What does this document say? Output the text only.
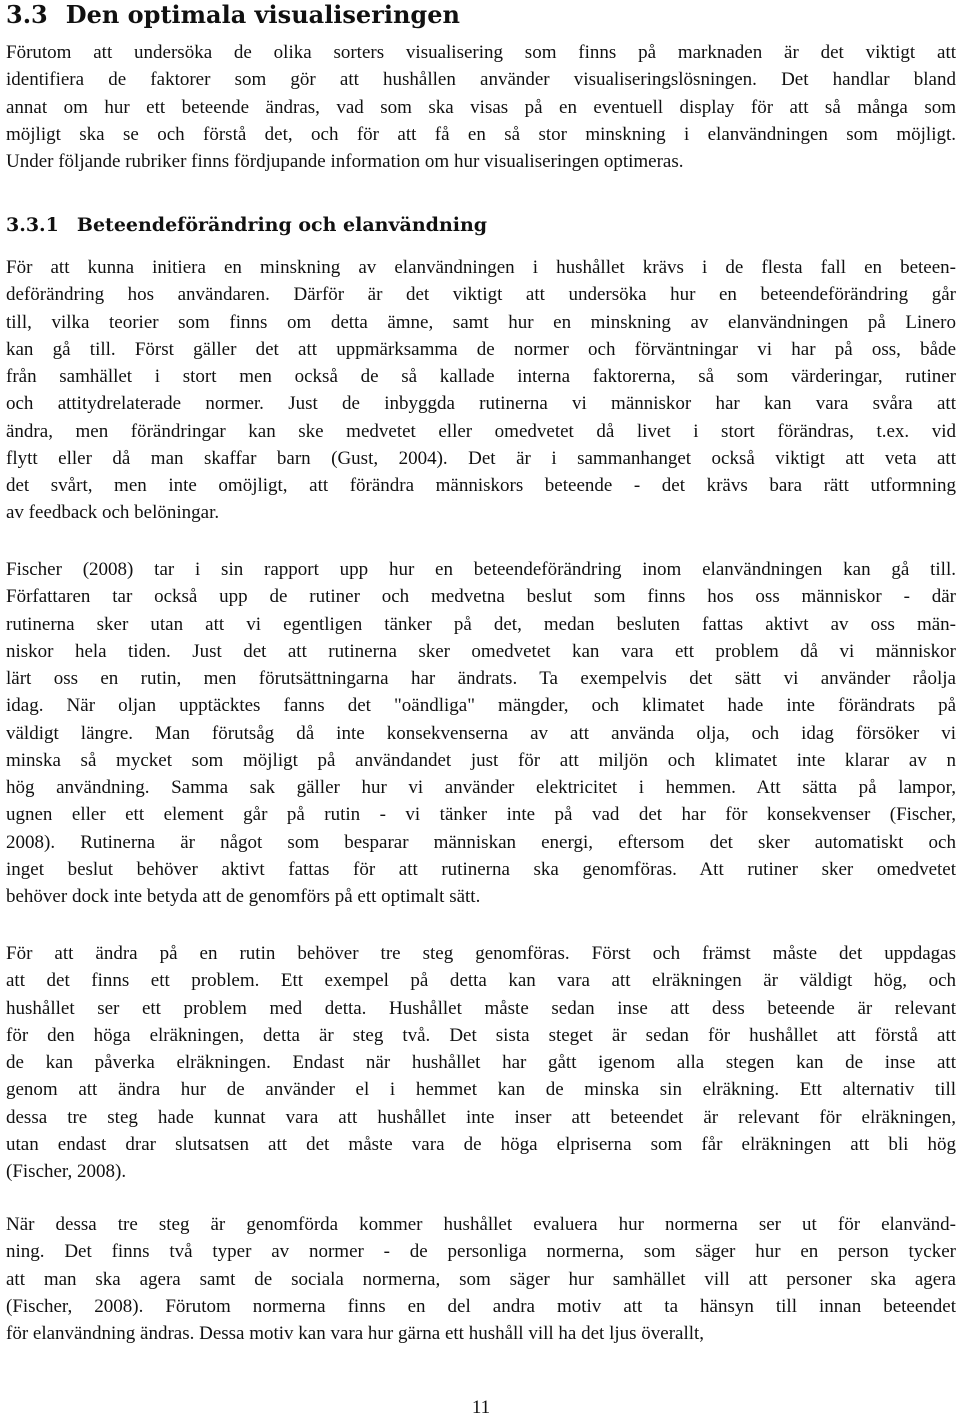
3.3 Den optimala visualiseringen
Förutom att undersöka de olika sorters visualisering som finns på marknaden är det viktigt att
identifiera de faktorer som gör att hushållen använder visualiseringslösningen. Det handlar bland
annat om hur ett beteende ändras, vad som ska visas på en eventuell display för att så många som
möjligt ska se och förstå det, och för att få en så stor minskning i elanvändningen som möjligt.
Under följande rubriker finns fördjupande information om hur visualiseringen optimeras.
3.3.1 Beteendeförändring och elanvändning
För att kunna initiera en minskning av elanvändningen i hushållet krävs i de flesta fall en beteen-
deförändring hos användaren. Därför är det viktigt att undersöka hur en beteendeförändring går
till, vilka teorier som finns om detta ämne, samt hur en minskning av elanvändningen på Linero
kan gå till. Först gäller det att uppmärksamma de normer och förväntningar vi har på oss, både
från samhället i stort men också de så kallade interna faktorerna, så som värderingar, rutiner
och attitydrelaterade normer. Just de inbyggda rutinerna vi människor har kan vara svåra att
ändra, men förändringar kan ske medvetet eller omedvetet då livet i stort förändras, t.ex. vid
flytt eller då man skaffar barn (Gust, 2004). Det är i sammanhanget också viktigt att veta att
det svårt, men inte omöjligt, att förändra människors beteende - det krävs bara rätt utformning
av feedback och belöningar.
Fischer (2008) tar i sin rapport upp hur en beteendeförändring inom elanvändningen kan gå till.
Författaren tar också upp de rutiner och medvetna beslut som finns hos oss människor - där
rutinerna sker utan att vi egentligen tänker på det, medan besluten fattas aktivt av oss män-
niskor hela tiden. Just det att rutinerna sker omedvetet kan vara ett problem då vi människor
lärt oss en rutin, men förutsättningarna har ändrats. Ta exempelvis det sätt vi använder råolja
idag. När oljan upptäcktes fanns det "oändliga" mängder, och klimatet hade inte förändrats på
väldigt längre. Man förutsåg då inte konsekvenserna av att använda olja, och idag försöker vi
minska så mycket som möjligt på användandet just för att miljön och klimatet inte klarar av n
hög användning. Samma sak gäller hur vi använder elektricitet i hemmen. Att sätta på lampor,
ugnen eller ett element går på rutin - vi tänker inte på vad det har för konsekvenser (Fischer,
2008). Rutinerna är något som besparar människan energi, eftersom det sker automatiskt och
inget beslut behöver aktivt fattas för att rutinerna ska genomföras. Att rutiner sker omedvetet
behöver dock inte betyda att de genomförs på ett optimalt sätt.
För att ändra på en rutin behöver tre steg genomföras. Först och främst måste det uppdagas
att det finns ett problem. Ett exempel på detta kan vara att elräkningen är väldigt hög, och
hushållet ser ett problem med detta. Hushållet måste sedan inse att dess beteende är relevant
för den höga elräkningen, detta är steg två. Det sista steget är sedan för hushållet att förstå att
de kan påverka elräkningen. Endast när hushållet har gått igenom alla stegen kan de inse att
genom att ändra hur de använder el i hemmet kan de minska sin elräkning. Ett alternativ till
dessa tre steg hade kunnat vara att hushållet inte inser att beteendet är relevant för elräkningen,
utan endast drar slutsatsen att det måste vara de höga elpriserna som får elräkningen att bli hög
(Fischer, 2008).
När dessa tre steg är genomförda kommer hushållet evaluera hur normerna ser ut för elanvänd-
ning. Det finns två typer av normer - de personliga normerna, som säger hur en person tycker
att man ska agera samt de sociala normerna, som säger hur samhället vill att personer ska agera
(Fischer, 2008). Förutom normerna finns en del andra motiv att ta hänsyn till innan beteendet
för elanvändning ändras. Dessa motiv kan vara hur gärna ett hushåll vill ha det ljus överallt,
11
